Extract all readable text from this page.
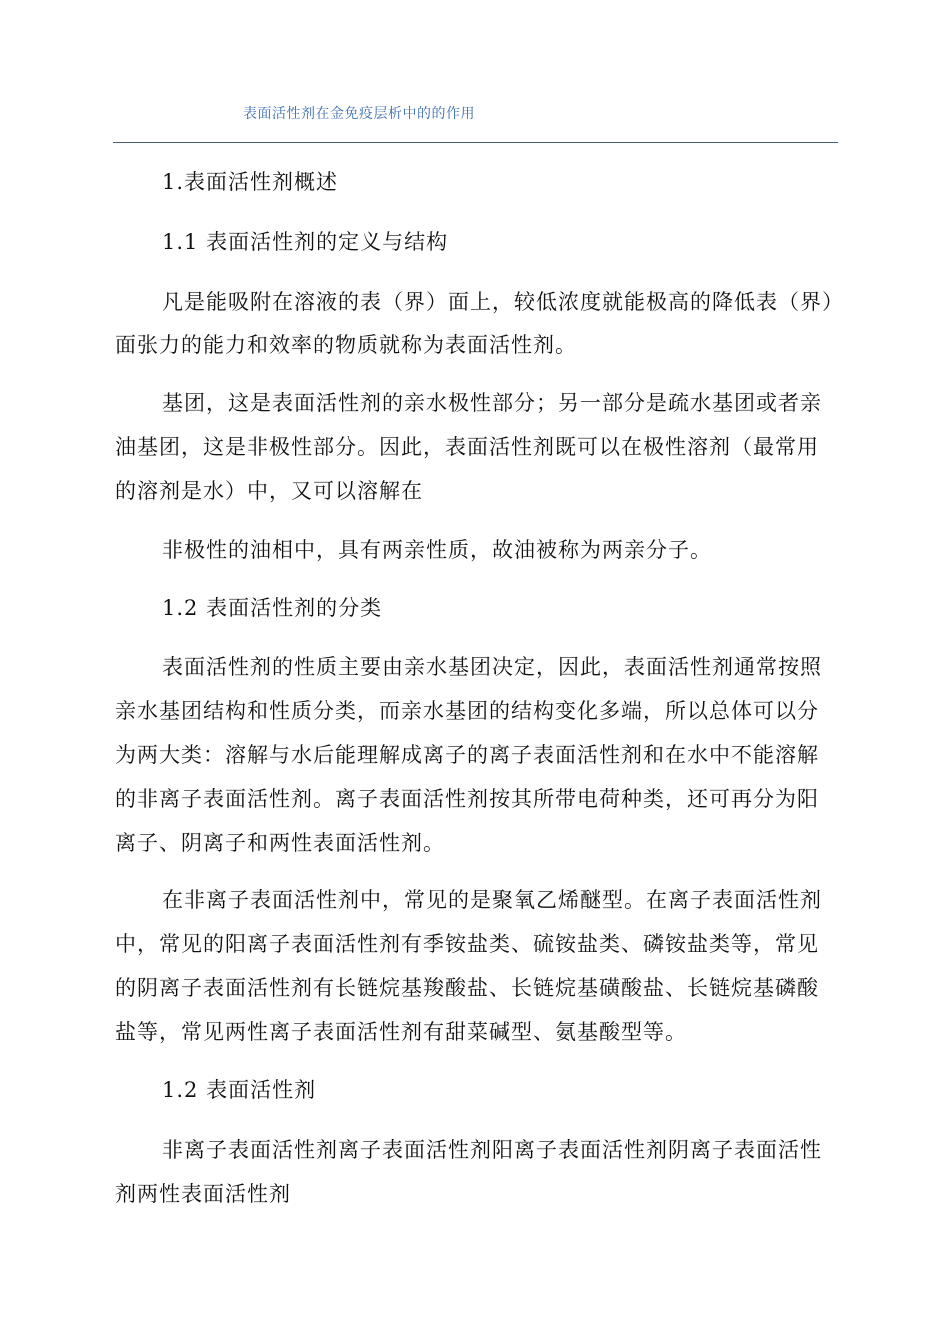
表面活性剂在金免疫层析中的的作用
1.表面活性剂概述
1.1 表面活性剂的定义与结构
凡是能吸附在溶液的表（界）面上，较低浓度就能极高的降低表（界）
面张力的能力和效率的物质就称为表面活性剂。
基团，这是表面活性剂的亲水极性部分；另一部分是疏水基团或者亲
油基团，这是非极性部分。因此，表面活性剂既可以在极性溶剂（最常用
的溶剂是水）中，又可以溶解在
非极性的油相中，具有两亲性质，故油被称为两亲分子。
1.2 表面活性剂的分类
表面活性剂的性质主要由亲水基团决定，因此，表面活性剂通常按照
亲水基团结构和性质分类，而亲水基团的结构变化多端，所以总体可以分
为两大类：溶解与水后能理解成离子的离子表面活性剂和在水中不能溶解
的非离子表面活性剂。离子表面活性剂按其所带电荷种类，还可再分为阳
离子、阴离子和两性表面活性剂。
在非离子表面活性剂中，常见的是聚氧乙烯醚型。在离子表面活性剂
中，常见的阳离子表面活性剂有季铵盐类、硫铵盐类、磷铵盐类等，常见
的阴离子表面活性剂有长链烷基羧酸盐、长链烷基磺酸盐、长链烷基磷酸
盐等，常见两性离子表面活性剂有甜菜碱型、氨基酸型等。
1.2 表面活性剂
非离子表面活性剂离子表面活性剂阳离子表面活性剂阴离子表面活性
剂两性表面活性剂
